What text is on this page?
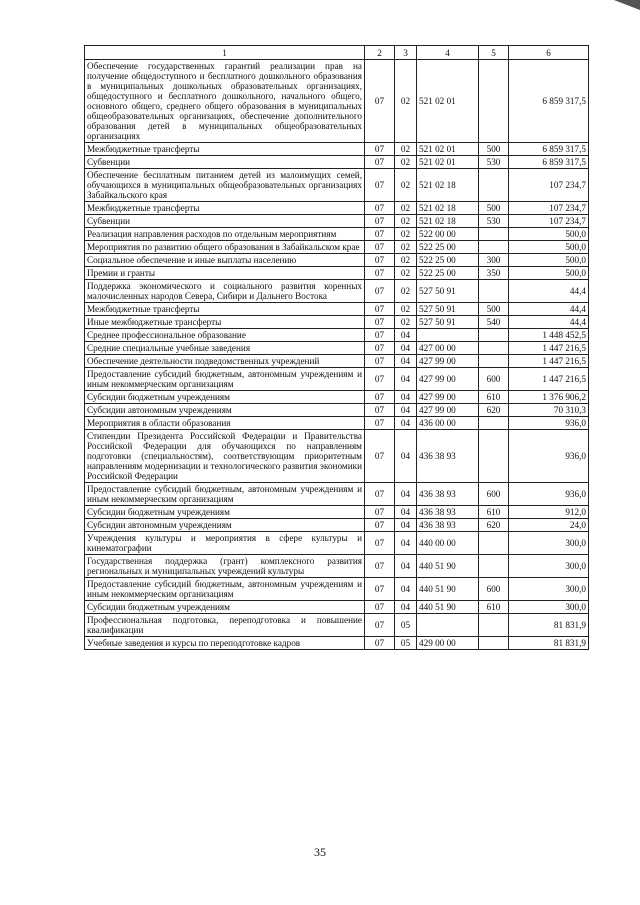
1	2	3	4	5	6
Обеспечение государственных гарантий реализации прав на получение общедоступного и бесплатного дошкольного образования в муниципальных дошкольных образовательных организациях, общедоступного и бесплатного дошкольного, начального общего, основного общего, среднего общего образования в муниципальных общеобразовательных организациях, обеспечение дополнительного образования детей в муниципальных общеобразовательных организациях	07	02	521 02 01		6 859 317,5
Межбюджетные трансферты	07	02	521 02 01	500	6 859 317,5
Субвенции	07	02	521 02 01	530	6 859 317,5
Обеспечение бесплатным питанием детей из малоимущих семей, обучающихся в муниципальных общеобразовательных организациях Забайкальского края	07	02	521 02 18		107 234,7
Межбюджетные трансферты	07	02	521 02 18	500	107 234,7
Субвенции	07	02	521 02 18	530	107 234,7
Реализация направления расходов по отдельным мероприятиям	07	02	522 00 00		500,0
Мероприятия по развитию общего образования в Забайкальском крае	07	02	522 25 00		500,0
Социальное обеспечение и иные выплаты населению	07	02	522 25 00	300	500,0
Премии и гранты	07	02	522 25 00	350	500,0
Поддержка экономического и социального развития коренных малочисленных народов Севера, Сибири и Дальнего Востока	07	02	527 50 91		44,4
Межбюджетные трансферты	07	02	527 50 91	500	44,4
Иные межбюджетные трансферты	07	02	527 50 91	540	44,4
Среднее профессиональное образование	07	04			1 448 452,5
Средние специальные учебные заведения	07	04	427 00 00		1 447 216,5
Обеспечение деятельности подведомственных учреждений	07	04	427 99 00		1 447 216,5
Предоставление субсидий бюджетным, автономным учреждениям и иным некоммерческим организациям	07	04	427 99 00	600	1 447 216,5
Субсидии бюджетным учреждениям	07	04	427 99 00	610	1 376 906,2
Субсидии автономным учреждениям	07	04	427 99 00	620	70 310,3
Мероприятия в области образования	07	04	436 00 00		936,0
Стипендии Президента Российской Федерации и Правительства Российской Федерации для обучающихся по направлениям подготовки (специальностям), соответствующим приоритетным направлениям модернизации и технологического развития экономики Российской Федерации	07	04	436 38 93		936,0
Предоставление субсидий бюджетным, автономным учреждениям и иным некоммерческим организациям	07	04	436 38 93	600	936,0
Субсидии бюджетным учреждениям	07	04	436 38 93	610	912,0
Субсидии автономным учреждениям	07	04	436 38 93	620	24,0
Учреждения культуры и мероприятия в сфере культуры и кинематографии	07	04	440 00 00		300,0
Государственная поддержка (грант) комплексного развития региональных и муниципальных учреждений культуры	07	04	440 51 90		300,0
Предоставление субсидий бюджетным, автономным учреждениям и иным некоммерческим организациям	07	04	440 51 90	600	300,0
Субсидии бюджетным учреждениям	07	04	440 51 90	610	300,0
Профессиональная подготовка, переподготовка и повышение квалификации	07	05			81 831,9
Учебные заведения и курсы по переподготовке кадров	07	05	429 00 00		81 831,9
35
